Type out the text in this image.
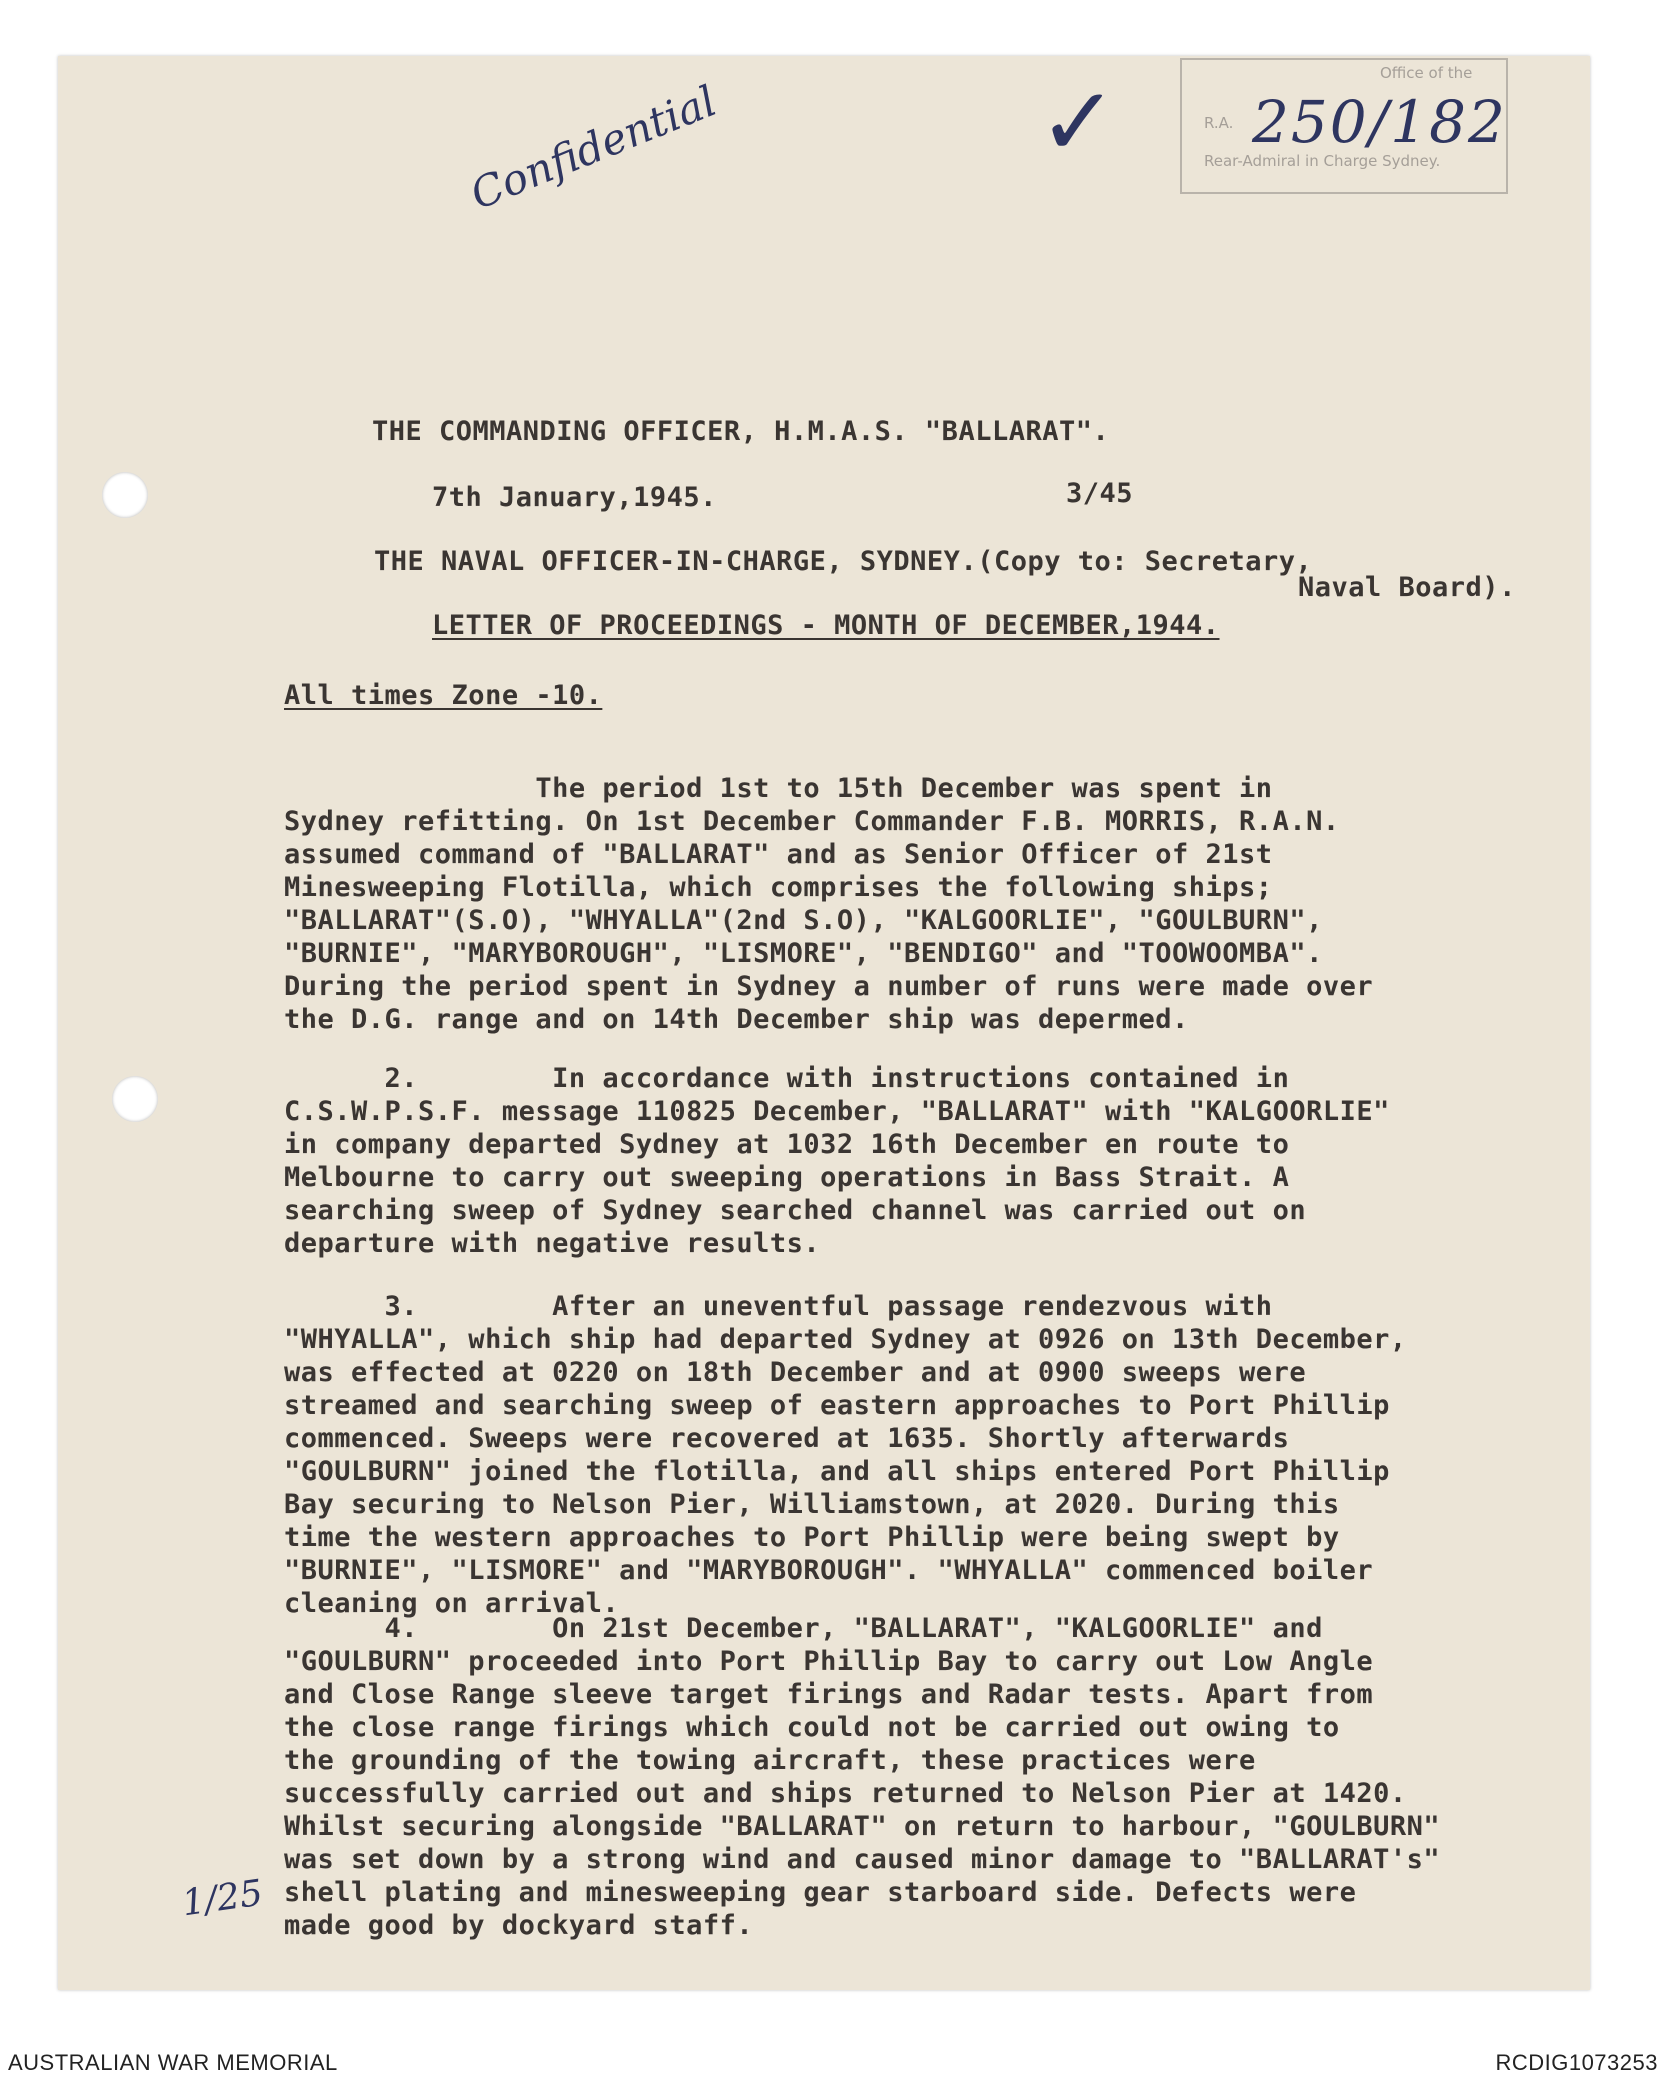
Office of the
R.A.
Rear-Admiral in Charge Sydney.
250/182
Confidential	✓
1/25
THE COMMANDING OFFICER, H.M.A.S. "BALLARAT".
7th January,1945.	3/45
THE NAVAL OFFICER-IN-CHARGE, SYDNEY.(Copy to: Secretary,
Naval Board).
LETTER OF PROCEEDINGS - MONTH OF DECEMBER,1944.
All times Zone -10.
The period 1st to 15th December was spent in
Sydney refitting. On 1st December Commander F.B. MORRIS, R.A.N.
assumed command of "BALLARAT" and as Senior Officer of 21st
Minesweeping Flotilla, which comprises the following ships;
"BALLARAT"(S.O), "WHYALLA"(2nd S.O), "KALGOORLIE", "GOULBURN",
"BURNIE", "MARYBOROUGH", "LISMORE", "BENDIGO" and "TOOWOOMBA".
During the period spent in Sydney a number of runs were made over
the D.G. range and on 14th December ship was depermed.
2.        In accordance with instructions contained in
C.S.W.P.S.F. message 110825 December, "BALLARAT" with "KALGOORLIE"
in company departed Sydney at 1032 16th December en route to
Melbourne to carry out sweeping operations in Bass Strait. A
searching sweep of Sydney searched channel was carried out on
departure with negative results.
3.        After an uneventful passage rendezvous with
"WHYALLA", which ship had departed Sydney at 0926 on 13th December,
was effected at 0220 on 18th December and at 0900 sweeps were
streamed and searching sweep of eastern approaches to Port Phillip
commenced. Sweeps were recovered at 1635. Shortly afterwards
"GOULBURN" joined the flotilla, and all ships entered Port Phillip
Bay securing to Nelson Pier, Williamstown, at 2020. During this
time the western approaches to Port Phillip were being swept by
"BURNIE", "LISMORE" and "MARYBOROUGH". "WHYALLA" commenced boiler
cleaning on arrival.
4.        On 21st December, "BALLARAT", "KALGOORLIE" and
"GOULBURN" proceeded into Port Phillip Bay to carry out Low Angle
and Close Range sleeve target firings and Radar tests. Apart from
the close range firings which could not be carried out owing to
the grounding of the towing aircraft, these practices were
successfully carried out and ships returned to Nelson Pier at 1420.
Whilst securing alongside "BALLARAT" on return to harbour, "GOULBURN"
was set down by a strong wind and caused minor damage to "BALLARAT's"
shell plating and minesweeping gear starboard side. Defects were
made good by dockyard staff.
AUSTRALIAN WAR MEMORIAL	RCDIG1073253
